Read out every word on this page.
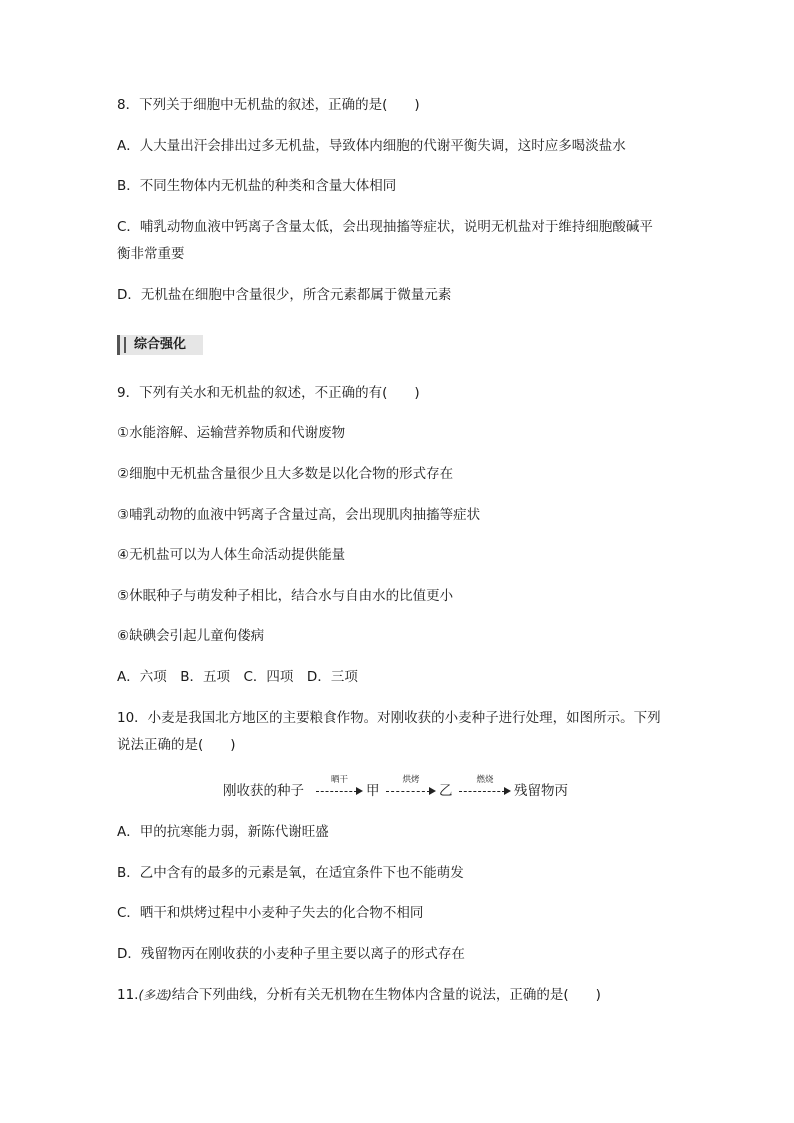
8．下列关于细胞中无机盐的叙述，正确的是(　　)
A．人大量出汗会排出过多无机盐，导致体内细胞的代谢平衡失调，这时应多喝淡盐水
B．不同生物体内无机盐的种类和含量大体相同
C．哺乳动物血液中钙离子含量太低，会出现抽搐等症状，说明无机盐对于维持细胞酸碱平
衡非常重要
D．无机盐在细胞中含量很少，所含元素都属于微量元素
综合强化
9．下列有关水和无机盐的叙述，不正确的有(　　)
①水能溶解、运输营养物质和代谢废物
②细胞中无机盐含量很少且大多数是以化合物的形式存在
③哺乳动物的血液中钙离子含量过高，会出现肌肉抽搐等症状
④无机盐可以为人体生命活动提供能量
⑤休眠种子与萌发种子相比，结合水与自由水的比值更小
⑥缺碘会引起儿童佝偻病
A．六项　B．五项　C．四项　D．三项
10．小麦是我国北方地区的主要粮食作物。对刚收获的小麦种子进行处理，如图所示。下列
说法正确的是(　　)
刚收获的种子
晒干
甲
烘烤
乙
燃烧
残留物丙
A．甲的抗寒能力弱，新陈代谢旺盛
B．乙中含有的最多的元素是氧，在适宜条件下也不能萌发
C．晒干和烘烤过程中小麦种子失去的化合物不相同
D．残留物丙在刚收获的小麦种子里主要以离子的形式存在
11.(多选)结合下列曲线，分析有关无机物在生物体内含量的说法，正确的是(　　)
